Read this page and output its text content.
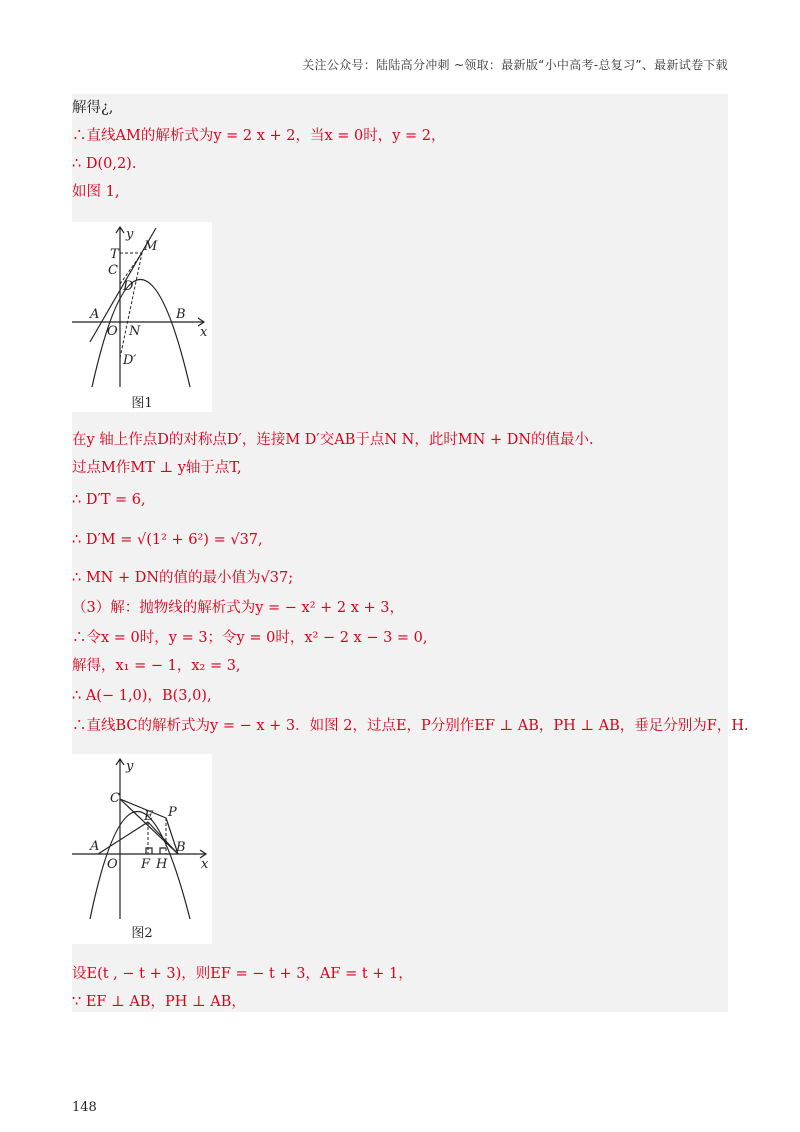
关注公众号：陆陆高分冲刺 ~领取：最新版“小中高考-总复习”、最新试卷下载
解得¿,
∴直线AM的解析式为y = 2 x + 2，当x = 0时，y = 2，
∴ D(0,2).
如图 1,
y
T
M
C
D
A
O N
B
x
D′
图1
在y 轴上作点D的对称点D′，连接M D′交AB于点N N，此时MN + DN的值最小.
过点M作MT ⊥ y轴于点T,
∴ D′T = 6,
∴ D′M = √(1² + 6²) = √37,
∴ MN + DN的值的最小值为√37;
（3）解：抛物线的解析式为y = − x² + 2 x + 3，
∴令x = 0时，y = 3；令y = 0时，x² − 2 x − 3 = 0,
解得，x₁ = − 1，x₂ = 3,
∴ A(− 1,0)，B(3,0),
∴直线BC的解析式为y = − x + 3．如图 2，过点E，P分别作EF ⊥ AB，PH ⊥ AB，垂足分别为F，H.
C
E P
A
O F H
B
x
y
图2
设E(t , − t + 3)，则EF = − t + 3，AF = t + 1，
∵ EF ⊥ AB，PH ⊥ AB，
148
